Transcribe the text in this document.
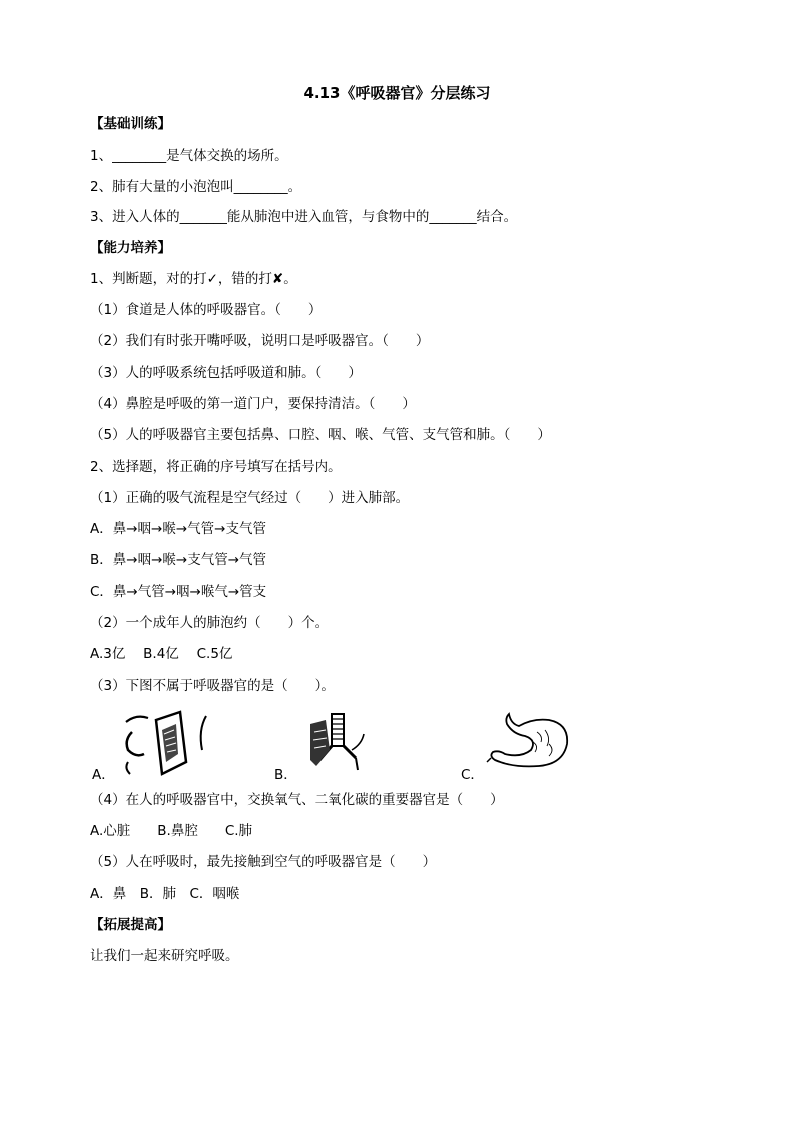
4.13《呼吸器官》分层练习
【基础训练】
1、________是气体交换的场所。
2、肺有大量的小泡泡叫________。
3、进入人体的_______能从肺泡中进入血管，与食物中的_______结合。
【能力培养】
1、判断题，对的打✓，错的打✘。
（1）食道是人体的呼吸器官。（　　）
（2）我们有时张开嘴呼吸，说明口是呼吸器官。（　　）
（3）人的呼吸系统包括呼吸道和肺。（　　）
（4）鼻腔是呼吸的第一道门户，要保持清洁。（　　）
（5）人的呼吸器官主要包括鼻、口腔、咽、喉、气管、支气管和肺。（　　）
2、选择题，将正确的序号填写在括号内。
（1）正确的吸气流程是空气经过（　　）进入肺部。
A．鼻→咽→喉→气管→支气管
B．鼻→咽→喉→支气管→气管
C．鼻→气管→咽→喉气→管支
（2）一个成年人的肺泡约（　　）个。
A.3亿　 B.4亿　 C.5亿
（3）下图不属于呼吸器官的是（　　）。
A．	B．	C．
（4）在人的呼吸器官中，交换氧气、二氧化碳的重要器官是（　　）
A.心脏　　B.鼻腔　　C.肺
（5）人在呼吸时，最先接触到空气的呼吸器官是（　　）
A．鼻　B．肺　C．咽喉
【拓展提高】
让我们一起来研究呼吸。
